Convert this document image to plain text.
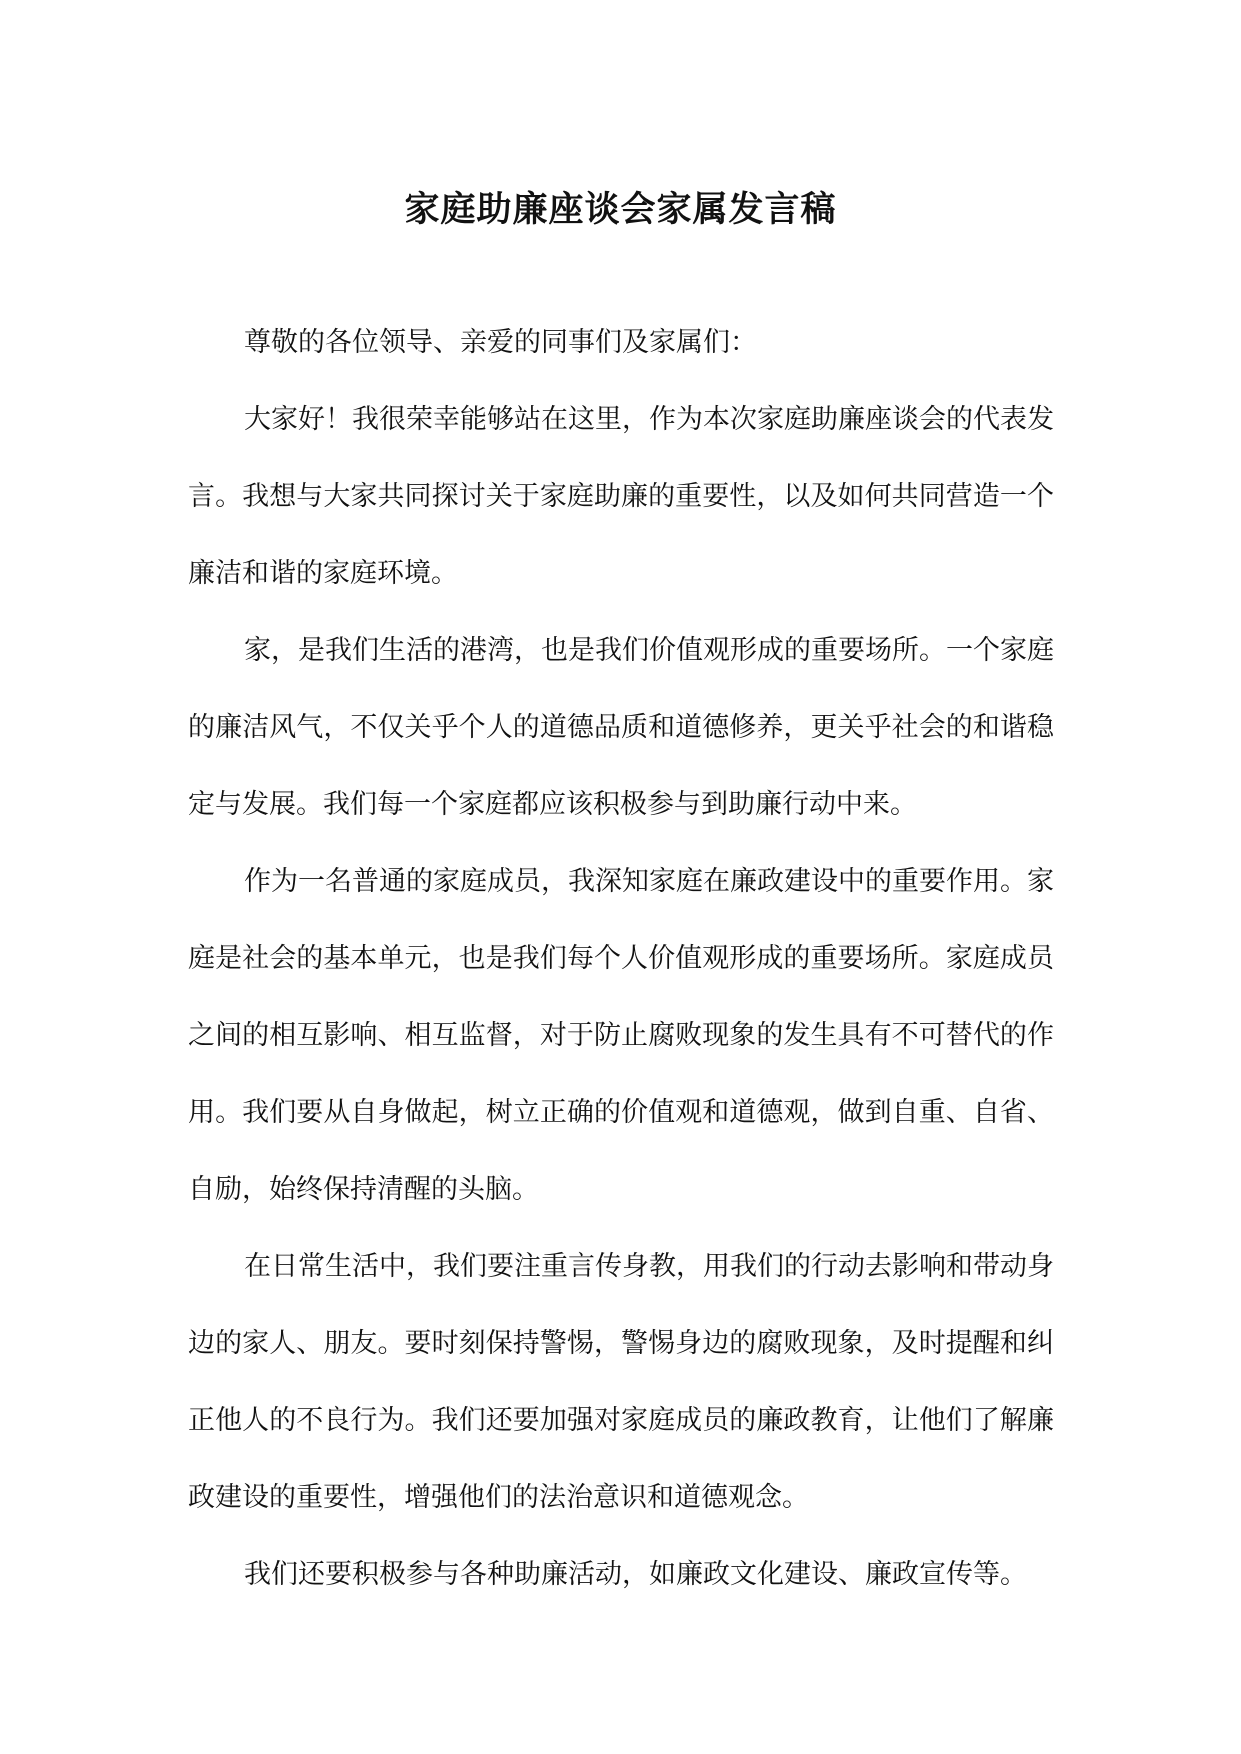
家庭助廉座谈会家属发言稿

尊敬的各位领导、亲爱的同事们及家属们：

大家好！我很荣幸能够站在这里，作为本次家庭助廉座谈会的代表发言。我想与大家共同探讨关于家庭助廉的重要性，以及如何共同营造一个廉洁和谐的家庭环境。

家，是我们生活的港湾，也是我们价值观形成的重要场所。一个家庭的廉洁风气，不仅关乎个人的道德品质和道德修养，更关乎社会的和谐稳定与发展。我们每一个家庭都应该积极参与到助廉行动中来。

作为一名普通的家庭成员，我深知家庭在廉政建设中的重要作用。家庭是社会的基本单元，也是我们每个人价值观形成的重要场所。家庭成员之间的相互影响、相互监督，对于防止腐败现象的发生具有不可替代的作用。我们要从自身做起，树立正确的价值观和道德观，做到自重、自省、自励，始终保持清醒的头脑。

在日常生活中，我们要注重言传身教，用我们的行动去影响和带动身边的家人、朋友。要时刻保持警惕，警惕身边的腐败现象，及时提醒和纠正他人的不良行为。我们还要加强对家庭成员的廉政教育，让他们了解廉政建设的重要性，增强他们的法治意识和道德观念。

我们还要积极参与各种助廉活动，如廉政文化建设、廉政宣传等。
